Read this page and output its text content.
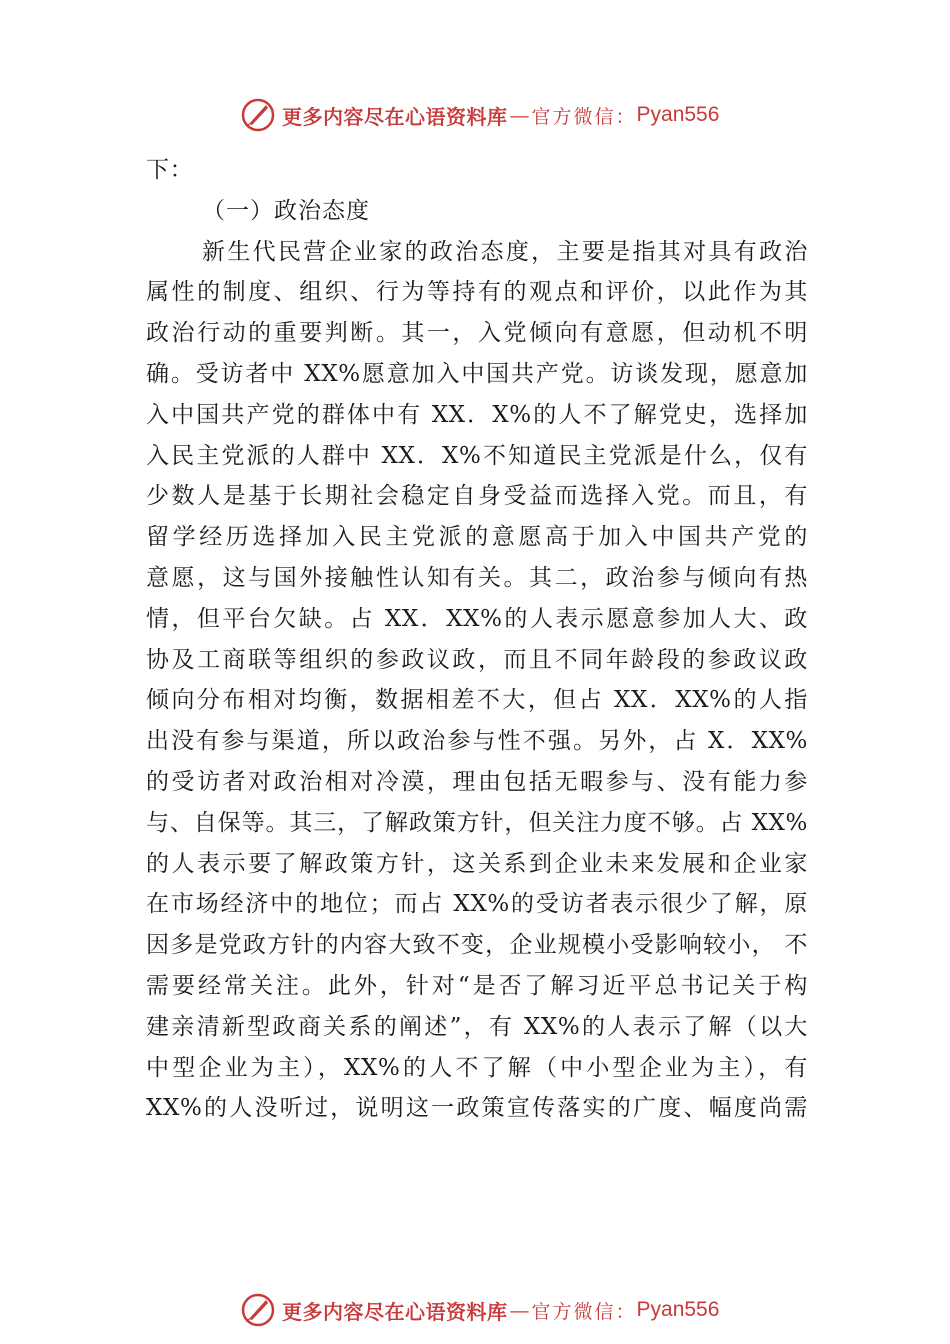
更多内容尽在心语资料库 — 官方微信： Pyan556
下：
（一）政治态度
新生代民营企业家的政治态度，主要是指其对具有政治
属性的制度、组织、行为等持有的观点和评价，以此作为其
政治行动的重要判断。其一，入党倾向有意愿，但动机不明
确。受访者中 XX%愿意加入中国共产党。访谈发现，愿意加
入中国共产党的群体中有 XX．X%的人不了解党史，选择加
入民主党派的人群中 XX．X%不知道民主党派是什么，仅有
少数人是基于长期社会稳定自身受益而选择入党。而且，有
留学经历选择加入民主党派的意愿高于加入中国共产党的
意愿，这与国外接触性认知有关。其二，政治参与倾向有热
情，但平台欠缺。占 XX．XX%的人表示愿意参加人大、政
协及工商联等组织的参政议政，而且不同年龄段的参政议政
倾向分布相对均衡，数据相差不大，但占 XX．XX%的人指
出没有参与渠道，所以政治参与性不强。另外，占 X．XX%
的受访者对政治相对冷漠，理由包括无暇参与、没有能力参
与、自保等。其三，了解政策方针，但关注力度不够。占 XX%
的人表示要了解政策方针，这关系到企业未来发展和企业家
在市场经济中的地位；而占 XX%的受访者表示很少了解，原
因多是党政方针的内容大致不变，企业规模小受影响较小， 不
需要经常关注。此外，针对“是否了解习近平总书记关于构
建亲清新型政商关系的阐述”，有 XX%的人表示了解（以大
中型企业为主），XX%的人不了解（中小型企业为主），有
XX%的人没听过，说明这一政策宣传落实的广度、幅度尚需
更多内容尽在心语资料库 — 官方微信： Pyan556
